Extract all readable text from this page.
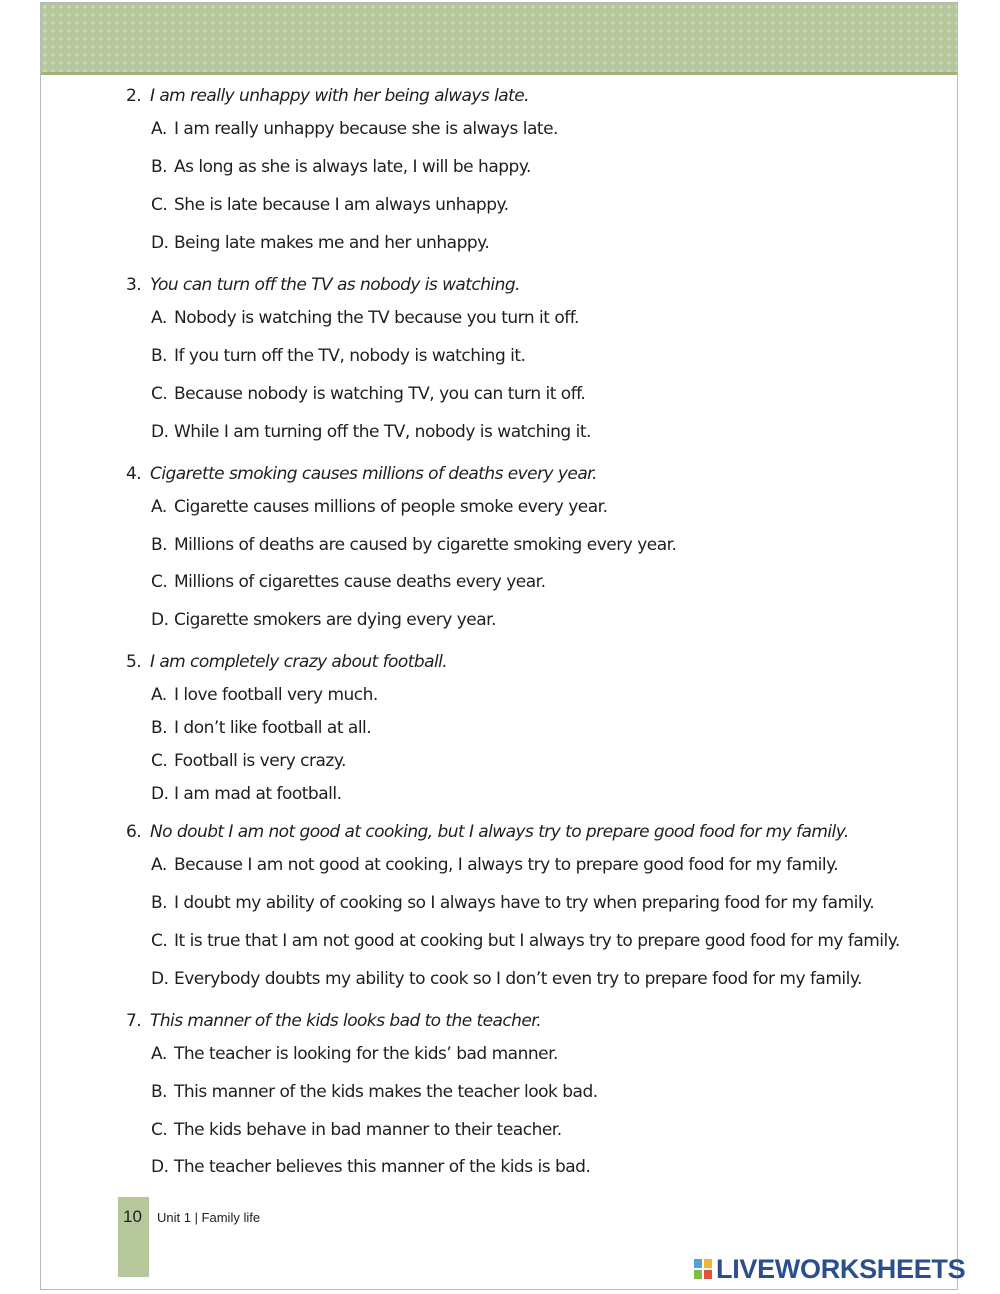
2. I am really unhappy with her being always late.
A. I am really unhappy because she is always late.
B. As long as she is always late, I will be happy.
C. She is late because I am always unhappy.
D. Being late makes me and her unhappy.
3. You can turn off the TV as nobody is watching.
A. Nobody is watching the TV because you turn it off.
B. If you turn off the TV, nobody is watching it.
C. Because nobody is watching TV, you can turn it off.
D. While I am turning off the TV, nobody is watching it.
4. Cigarette smoking causes millions of deaths every year.
A. Cigarette causes millions of people smoke every year.
B. Millions of deaths are caused by cigarette smoking every year.
C. Millions of cigarettes cause deaths every year.
D. Cigarette smokers are dying every year.
5. I am completely crazy about football.
A. I love football very much.
B. I don’t like football at all.
C. Football is very crazy.
D. I am mad at football.
6. No doubt I am not good at cooking, but I always try to prepare good food for my family.
A. Because I am not good at cooking, I always try to prepare good food for my family.
B. I doubt my ability of cooking so I always have to try when preparing food for my family.
C. It is true that I am not good at cooking but I always try to prepare good food for my family.
D. Everybody doubts my ability to cook so I don’t even try to prepare food for my family.
7. This manner of the kids looks bad to the teacher.
A. The teacher is looking for the kids’ bad manner.
B. This manner of the kids makes the teacher look bad.
C. The kids behave in bad manner to their teacher.
D. The teacher believes this manner of the kids is bad.
10 Unit 1 | Family life
LIVEWORKSHEETS
